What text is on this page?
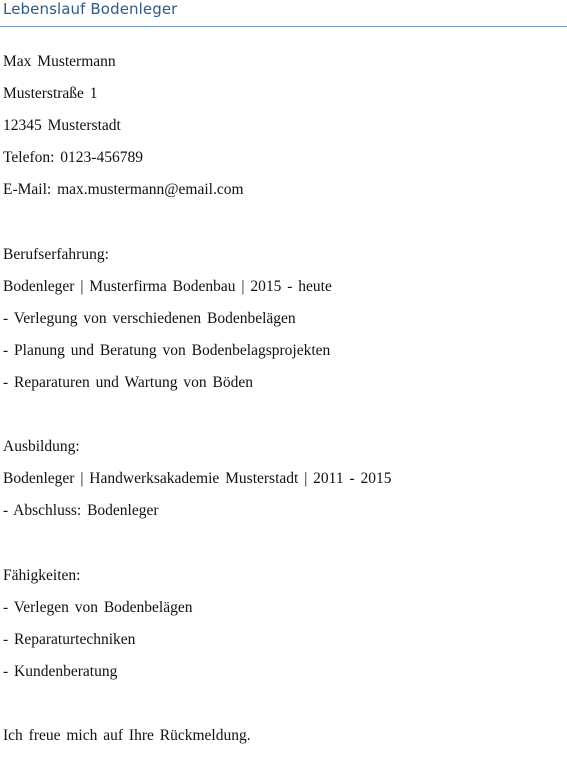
Lebenslauf Bodenleger
Max Mustermann
Musterstraße 1
12345 Musterstadt
Telefon: 0123-456789
E-Mail: max.mustermann@email.com
Berufserfahrung:
Bodenleger | Musterfirma Bodenbau | 2015 - heute
- Verlegung von verschiedenen Bodenbelägen
- Planung und Beratung von Bodenbelagsprojekten
- Reparaturen und Wartung von Böden
Ausbildung:
Bodenleger | Handwerksakademie Musterstadt | 2011 - 2015
- Abschluss: Bodenleger
Fähigkeiten:
- Verlegen von Bodenbelägen
- Reparaturtechniken
- Kundenberatung
Ich freue mich auf Ihre Rückmeldung.
